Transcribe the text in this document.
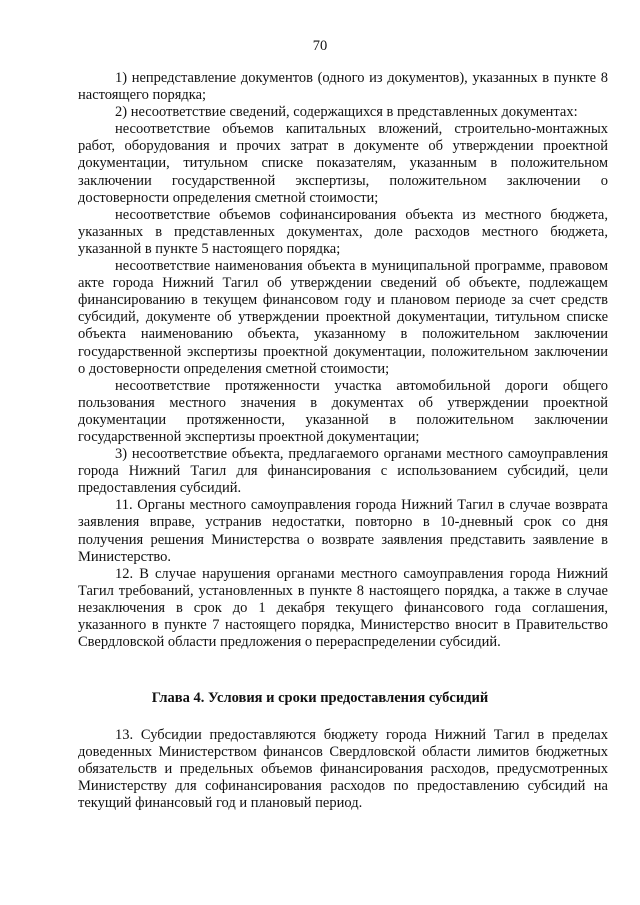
70

1) непредставление документов (одного из документов), указанных в пункте 8 настоящего порядка;

2) несоответствие сведений, содержащихся в представленных документах:

несоответствие объемов капитальных вложений, строительно-монтажных работ, оборудования и прочих затрат в документе об утверждении проектной документации, титульном списке показателям, указанным в положительном заключении государственной экспертизы, положительном заключении о достоверности определения сметной стоимости;

несоответствие объемов софинансирования объекта из местного бюджета, указанных в представленных документах, доле расходов местного бюджета, указанной в пункте 5 настоящего порядка;

несоответствие наименования объекта в муниципальной программе, правовом акте города Нижний Тагил об утверждении сведений об объекте, подлежащем финансированию в текущем финансовом году и плановом периоде за счет средств субсидий, документе об утверждении проектной документации, титульном списке объекта наименованию объекта, указанному в положительном заключении государственной экспертизы проектной документации, положительном заключении о достоверности определения сметной стоимости;

несоответствие протяженности участка автомобильной дороги общего пользования местного значения в документах об утверждении проектной документации протяженности, указанной в положительном заключении государственной экспертизы проектной документации;

3) несоответствие объекта, предлагаемого органами местного самоуправления города Нижний Тагил для финансирования с использованием субсидий, цели предоставления субсидий.

11. Органы местного самоуправления города Нижний Тагил в случае возврата заявления вправе, устранив недостатки, повторно в 10-дневный срок со дня получения решения Министерства о возврате заявления представить заявление в Министерство.

12. В случае нарушения органами местного самоуправления города Нижний Тагил требований, установленных в пункте 8 настоящего порядка, а также в случае незаключения в срок до 1 декабря текущего финансового года соглашения, указанного в пункте 7 настоящего порядка, Министерство вносит в Правительство Свердловской области предложения о перераспределении субсидий.

Глава 4. Условия и сроки предоставления субсидий

13. Субсидии предоставляются бюджету города Нижний Тагил в пределах доведенных Министерством финансов Свердловской области лимитов бюджетных обязательств и предельных объемов финансирования расходов, предусмотренных Министерству для софинансирования расходов по предоставлению субсидий на текущий финансовый год и плановый период.
